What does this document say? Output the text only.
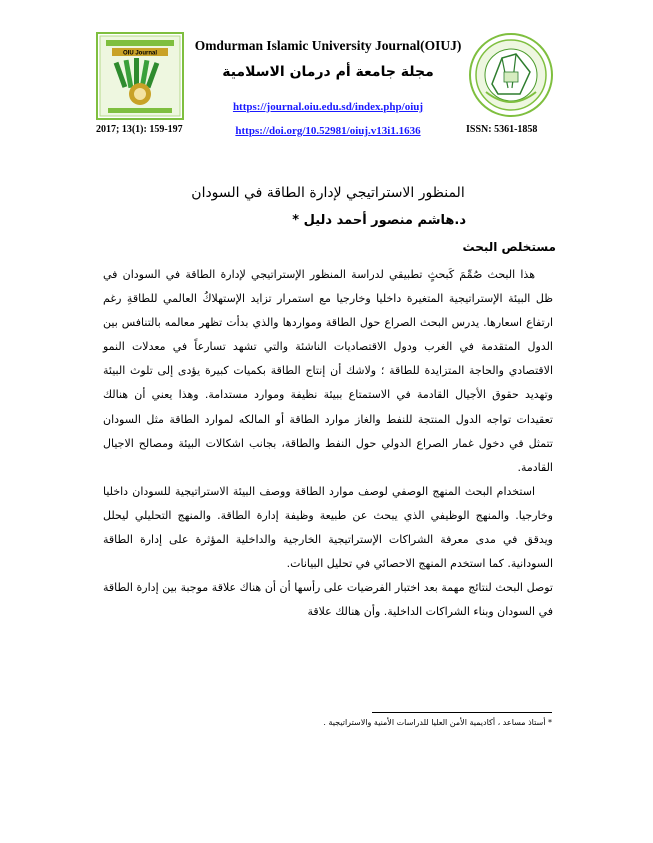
OIU Journal
Omdurman Islamic University Journal(OIUJ)
مجلة جامعة أم درمان الاسلامية
https://journal.oiu.edu.sd/index.php/oiuj
2017; 13(1): 159-197	https://doi.org/10.52981/oiuj.v13i1.1636	ISSN: 5361-1858
المنظور الاستراتيجي لإدارة الطاقة في السودان
د.هاشم منصور أحمد دليل *
مستخلص البحث

هذا البحث صُمِّمَ كَبحثٍ تطبيقي لدراسة المنظور الإستراتيجي لإدارة الطاقة في السودان في ظل البيئة الإستراتيجية المتغيرة داخليا وخارجيا مع استمرار تزايد الإستهلاكُ العالمي للطاقةِ رغم ارتفاع اسعارها. يدرس البحث الصراع حول الطاقة ومواردها والذي بدأت تظهر معالمه بالتنافس بين الدول المتقدمة في الغرب ودول الاقتصاديات الناشئة والتي تشهد تسارعاً في معدلات النمو الاقتصادي والحاجة المتزايدة للطاقة ؛ ولاشك أن إنتاج الطاقة بكميات كبيرة يؤدى إلى تلوث البيئة وتهديد حقوق الأجيال القادمة في الاستمتاع ببيئة نظيفة وموارد مستدامة. وهذا يعني أن هنالك تعقيدات تواجه الدول المنتجة للنفط والغاز موارد الطاقة أو المالكه لموارد الطاقة مثل السودان تتمثل في دخول غمار الصراع الدولي حول النفط والطاقة، بجانب اشكالات البيئة ومصالح الاجيال القادمة.

استخدام البحث المنهج الوصفي لوصف موارد الطاقة ووصف البيئة الاستراتيجية للسودان داخليا وخارجيا. والمنهج الوظيفي الذي يبحث عن طبيعة وظيفة إدارة الطاقة. والمنهج التحليلي ليحلل ويدقق في مدى معرفة الشراكات الإستراتيجية الخارجية والداخلية المؤثرة على إدارة الطاقة السودانية. كما استخدم المنهج الاحصائي في تحليل البيانات.

توصل البحث لنتائج مهمة بعد اختبار الفرضيات على رأسها أن أن هناك علاقة موجبة بين إدارة الطاقة في السودان وبناء الشراكات الداخلية. وأن هنالك علاقة

* أستاذ مساعد ، أكاديمية الأمن العليا للدراسات الأمنية والاستراتيجية .
